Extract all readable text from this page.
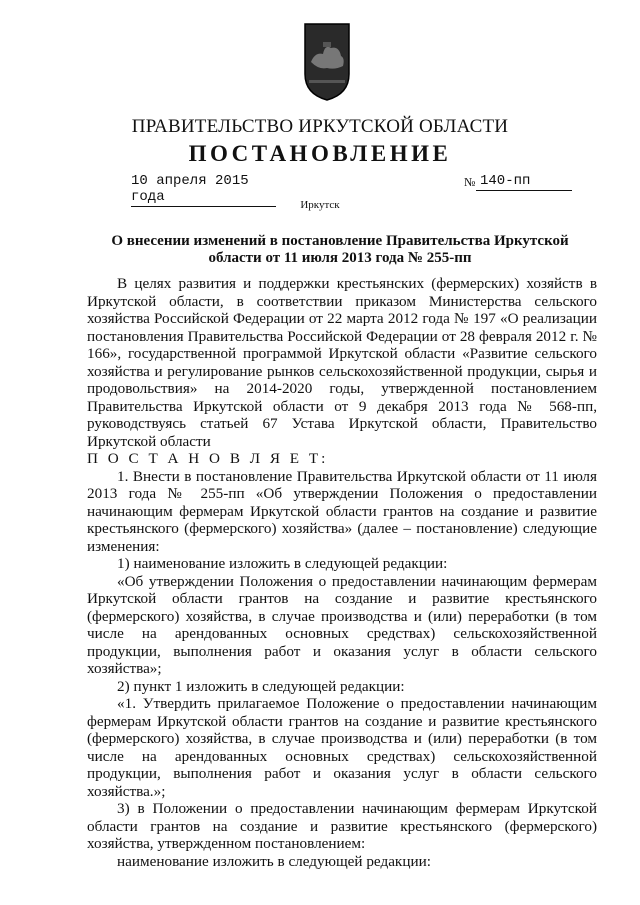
ПРАВИТЕЛЬСТВО ИРКУТСКОЙ ОБЛАСТИ
ПОСТАНОВЛЕНИЕ
10 апреля 2015 года
№ 140-пп
Иркутск
О внесении изменений в постановление Правительства Иркутской области от 11 июля 2013 года № 255-пп

В целях развития и поддержки крестьянских (фермерских) хозяйств в Иркутской области, в соответствии приказом Министерства сельского хозяйства Российской Федерации от 22 марта 2012 года № 197 «О реализации постановления Правительства Российской Федерации от 28 февраля 2012 г. № 166», государственной программой Иркутской области «Развитие сельского хозяйства и регулирование рынков сельскохозяйственной продукции, сырья и продовольствия» на 2014-2020 годы, утвержденной постановлением Правительства Иркутской области от 9 декабря 2013 года № 568-пп, руководствуясь статьей 67 Устава Иркутской области, Правительство Иркутской области

П О С Т А Н О В Л Я Е Т:

1. Внести в постановление Правительства Иркутской области от 11 июля 2013 года № 255-пп «Об утверждении Положения о предоставлении начинающим фермерам Иркутской области грантов на создание и развитие крестьянского (фермерского) хозяйства» (далее – постановление) следующие изменения:

1) наименование изложить в следующей редакции:

«Об утверждении Положения о предоставлении начинающим фермерам Иркутской области грантов на создание и развитие крестьянского (фермерского) хозяйства, в случае производства и (или) переработки (в том числе на арендованных основных средствах) сельскохозяйственной продукции, выполнения работ и оказания услуг в области сельского хозяйства»;

2) пункт 1 изложить в следующей редакции:

«1. Утвердить прилагаемое Положение о предоставлении начинающим фермерам Иркутской области грантов на создание и развитие крестьянского (фермерского) хозяйства, в случае производства и (или) переработки (в том числе на арендованных основных средствах) сельскохозяйственной продукции, выполнения работ и оказания услуг в области сельского хозяйства.»;

3) в Положении о предоставлении начинающим фермерам Иркутской области грантов на создание и развитие крестьянского (фермерского) хозяйства, утвержденном постановлением:

наименование изложить в следующей редакции:
